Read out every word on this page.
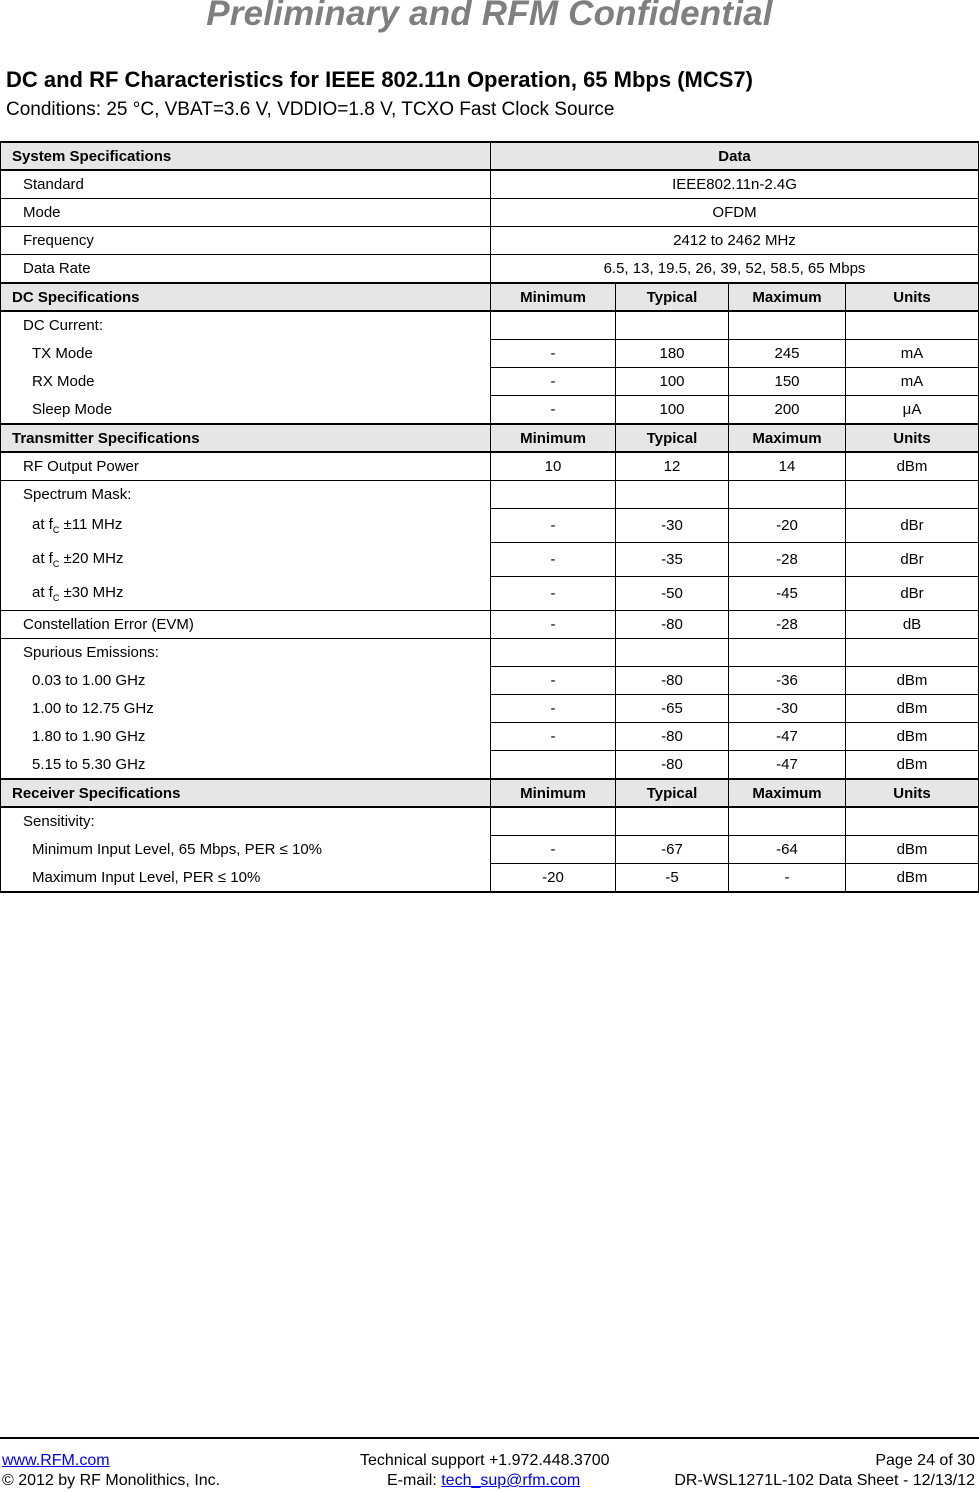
Preliminary and RFM Confidential
DC and RF Characteristics for IEEE 802.11n Operation, 65 Mbps (MCS7)
Conditions: 25 °C, VBAT=3.6 V, VDDIO=1.8 V, TCXO Fast Clock Source
System Specifications	Data			
Standard	IEEE802.11n-2.4G			
Mode	OFDM			
Frequency	2412 to 2462 MHz			
Data Rate	6.5, 13, 19.5, 26, 39, 52, 58.5, 65 Mbps			
DC Specifications	Minimum	Typical	Maximum	Units
DC Current:				
TX Mode	-	180	245	mA
RX Mode	-	100	150	mA
Sleep Mode	-	100	200	μA
Transmitter Specifications	Minimum	Typical	Maximum	Units
RF Output Power	10	12	14	dBm
Spectrum Mask:				
at $f_C \pm 11$ MHz	-	-30	-20	dBr
at $f_C \pm 20$ MHz	-	-35	-28	dBr
at $f_C \pm 30$ MHz	-	-50	-45	dBr
Constellation Error (EVM)	-	-80	-28	dB
Spurious Emissions:				
0.03 to 1.00 GHz	-	-80	-36	dBm
1.00 to 12.75 GHz	-	-65	-30	dBm
1.80 to 1.90 GHz	-	-80	-47	dBm
5.15 to 5.30 GHz		-80	-47	dBm
Receiver Specifications	Minimum	Typical	Maximum	Units
Sensitivity:				
Minimum Input Level, 65 Mbps, PER ≤ 10%	-	-67	-64	dBm
Maximum Input Level, PER ≤ 10%	-20	-5	-	dBm
www.RFM.com
© 2012 by RF Monolithics, Inc.
Technical support +1.972.448.3700
E-mail: tech_sup@rfm.com
Page 24 of 30
DR-WSL1271L-102 Data Sheet - 12/13/12
